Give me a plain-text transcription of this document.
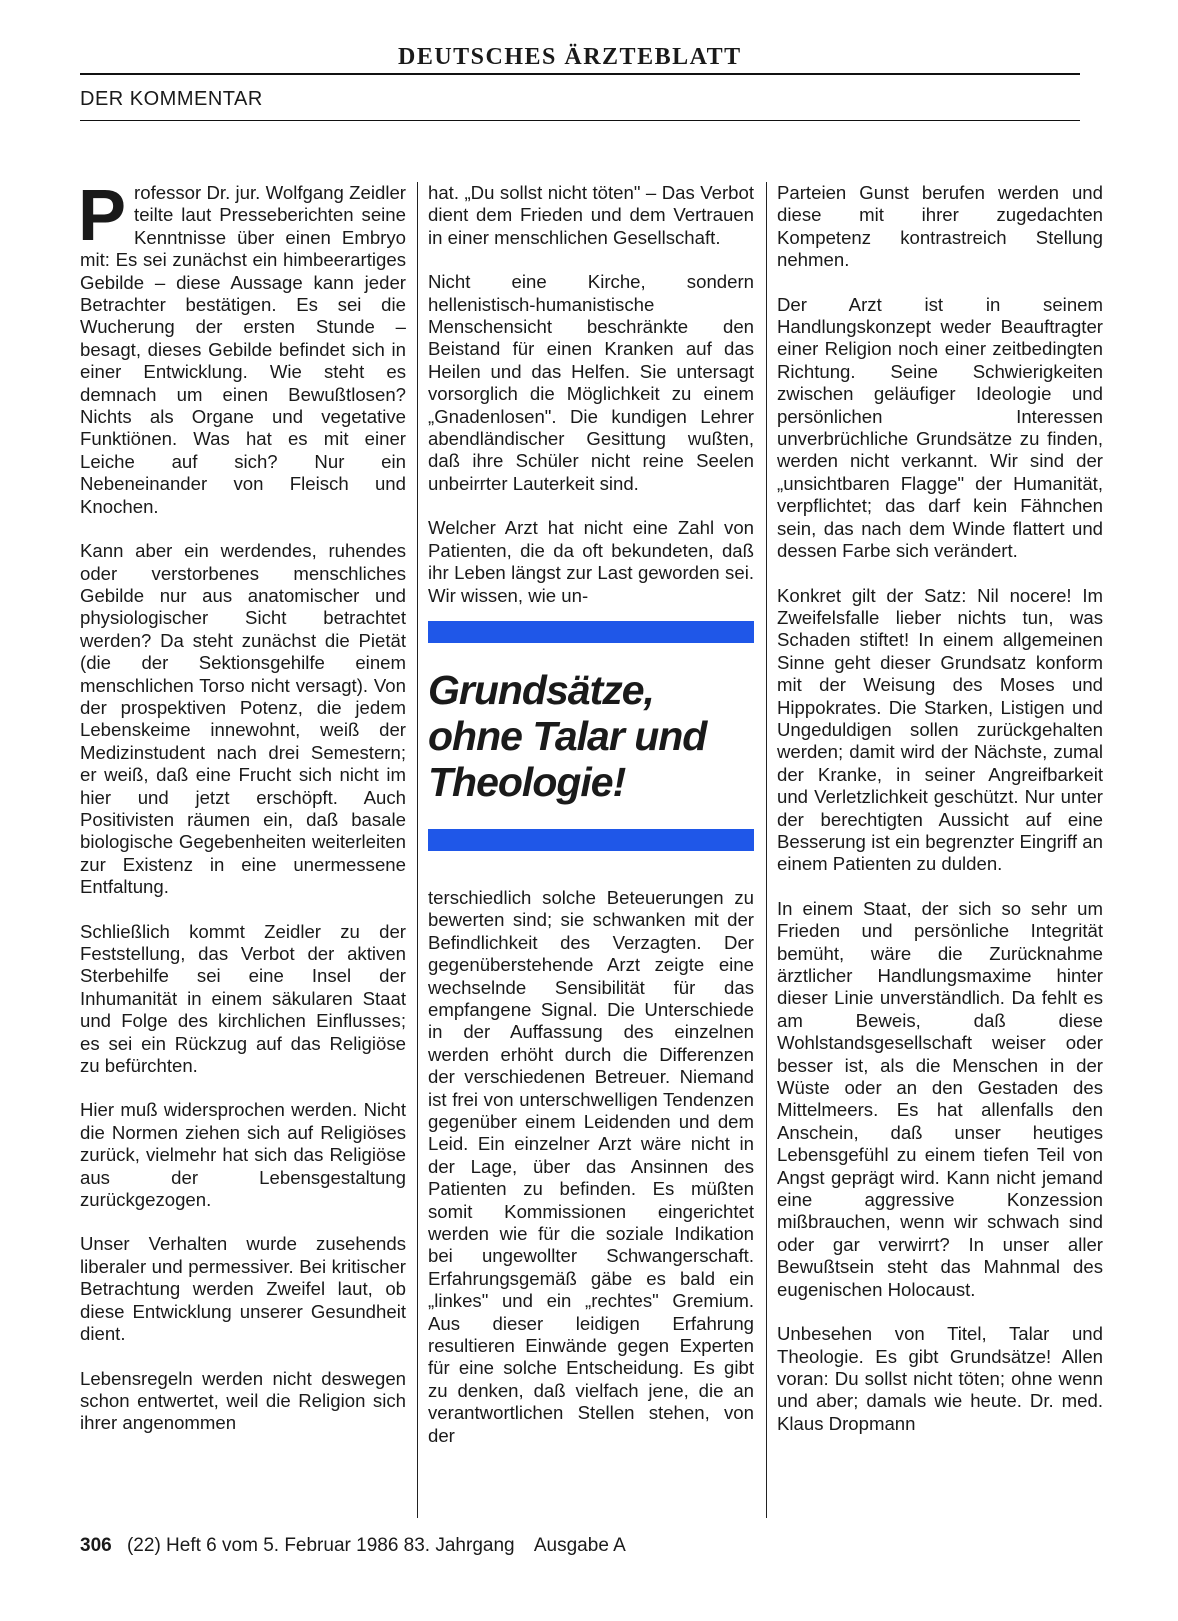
DEUTSCHES ÄRZTEBLATT
DER KOMMENTAR

Professor Dr. jur. Wolfgang Zeidler teilte laut Presseberichten seine Kenntnisse über einen Embryo mit: Es sei zunächst ein himbeerartiges Gebilde – diese Aussage kann jeder Betrachter bestätigen. Es sei die Wucherung der ersten Stunde – besagt, dieses Gebilde befindet sich in einer Entwicklung. Wie steht es demnach um einen Bewußtlosen? Nichts als Organe und vegetative Funktiönen. Was hat es mit einer Leiche auf sich? Nur ein Nebeneinander von Fleisch und Knochen.

Kann aber ein werdendes, ruhendes oder verstorbenes menschliches Gebilde nur aus anatomischer und physiologischer Sicht betrachtet werden? Da steht zunächst die Pietät (die der Sektionsgehilfe einem menschlichen Torso nicht versagt). Von der prospektiven Potenz, die jedem Lebenskeime innewohnt, weiß der Medizinstudent nach drei Semestern; er weiß, daß eine Frucht sich nicht im hier und jetzt erschöpft. Auch Positivisten räumen ein, daß basale biologische Gegebenheiten weiterleiten zur Existenz in eine unermessene Entfaltung.

Schließlich kommt Zeidler zu der Feststellung, das Verbot der aktiven Sterbehilfe sei eine Insel der Inhumanität in einem säkularen Staat und Folge des kirchlichen Einflusses; es sei ein Rückzug auf das Religiöse zu befürchten.

Hier muß widersprochen werden. Nicht die Normen ziehen sich auf Religiöses zurück, vielmehr hat sich das Religiöse aus der Lebensgestaltung zurückgezogen.

Unser Verhalten wurde zusehends liberaler und permessiver. Bei kritischer Betrachtung werden Zweifel laut, ob diese Entwicklung unserer Gesundheit dient.

Lebensregeln werden nicht deswegen schon entwertet, weil die Religion sich ihrer angenommen

hat. „Du sollst nicht töten" – Das Verbot dient dem Frieden und dem Vertrauen in einer menschlichen Gesellschaft.

Nicht eine Kirche, sondern hellenistisch-humanistische Menschensicht beschränkte den Beistand für einen Kranken auf das Heilen und das Helfen. Sie untersagt vorsorglich die Möglichkeit zu einem „Gnadenlosen". Die kundigen Lehrer abendländischer Gesittung wußten, daß ihre Schüler nicht reine Seelen unbeirrter Lauterkeit sind.

Welcher Arzt hat nicht eine Zahl von Patienten, die da oft bekundeten, daß ihr Leben längst zur Last geworden sei. Wir wissen, wie un-

Grundsätze, ohne Talar und Theologie!

terschiedlich solche Beteuerungen zu bewerten sind; sie schwanken mit der Befindlichkeit des Verzagten. Der gegenüberstehende Arzt zeigte eine wechselnde Sensibilität für das empfangene Signal. Die Unterschiede in der Auffassung des einzelnen werden erhöht durch die Differenzen der verschiedenen Betreuer. Niemand ist frei von unterschwelligen Tendenzen gegenüber einem Leidenden und dem Leid. Ein einzelner Arzt wäre nicht in der Lage, über das Ansinnen des Patienten zu befinden. Es müßten somit Kommissionen eingerichtet werden wie für die soziale Indikation bei ungewollter Schwangerschaft. Erfahrungsgemäß gäbe es bald ein „linkes" und ein „rechtes" Gremium. Aus dieser leidigen Erfahrung resultieren Einwände gegen Experten für eine solche Entscheidung. Es gibt zu denken, daß vielfach jene, die an verantwortlichen Stellen stehen, von der

Parteien Gunst berufen werden und diese mit ihrer zugedachten Kompetenz kontrastreich Stellung nehmen.

Der Arzt ist in seinem Handlungskonzept weder Beauftragter einer Religion noch einer zeitbedingten Richtung. Seine Schwierigkeiten zwischen geläufiger Ideologie und persönlichen Interessen unverbrüchliche Grundsätze zu finden, werden nicht verkannt. Wir sind der „unsichtbaren Flagge" der Humanität, verpflichtet; das darf kein Fähnchen sein, das nach dem Winde flattert und dessen Farbe sich verändert.

Konkret gilt der Satz: Nil nocere! Im Zweifelsfalle lieber nichts tun, was Schaden stiftet! In einem allgemeinen Sinne geht dieser Grundsatz konform mit der Weisung des Moses und Hippokrates. Die Starken, Listigen und Ungeduldigen sollen zurückgehalten werden; damit wird der Nächste, zumal der Kranke, in seiner Angreifbarkeit und Verletzlichkeit geschützt. Nur unter der berechtigten Aussicht auf eine Besserung ist ein begrenzter Eingriff an einem Patienten zu dulden.

In einem Staat, der sich so sehr um Frieden und persönliche Integrität bemüht, wäre die Zurücknahme ärztlicher Handlungsmaxime hinter dieser Linie unverständlich. Da fehlt es am Beweis, daß diese Wohlstandsgesellschaft weiser oder besser ist, als die Menschen in der Wüste oder an den Gestaden des Mittelmeers. Es hat allenfalls den Anschein, daß unser heutiges Lebensgefühl zu einem tiefen Teil von Angst geprägt wird. Kann nicht jemand eine aggressive Konzession mißbrauchen, wenn wir schwach sind oder gar verwirrt? In unser aller Bewußtsein steht das Mahnmal des eugenischen Holocaust.

Unbesehen von Titel, Talar und Theologie. Es gibt Grundsätze! Allen voran: Du sollst nicht töten; ohne wenn und aber; damals wie heute. Dr. med. Klaus Dropmann

306 (22) Heft 6 vom 5. Februar 1986 83. Jahrgang Ausgabe A
